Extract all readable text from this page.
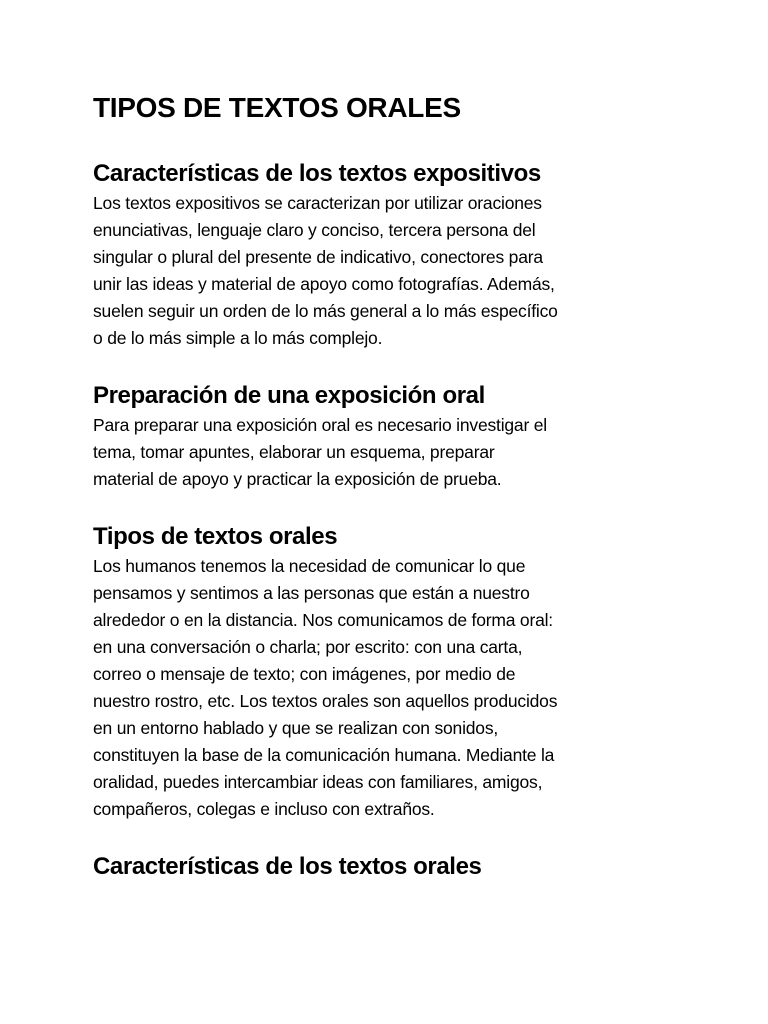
TIPOS DE TEXTOS ORALES
Características de los textos expositivos

Los textos expositivos se caracterizan por utilizar oraciones
enunciativas, lenguaje claro y conciso, tercera persona del
singular o plural del presente de indicativo, conectores para
unir las ideas y material de apoyo como fotografías. Además,
suelen seguir un orden de lo más general a lo más específico
o de lo más simple a lo más complejo.

Preparación de una exposición oral

Para preparar una exposición oral es necesario investigar el
tema, tomar apuntes, elaborar un esquema, preparar
material de apoyo y practicar la exposición de prueba.

Tipos de textos orales

Los humanos tenemos la necesidad de comunicar lo que
pensamos y sentimos a las personas que están a nuestro
alrededor o en la distancia. Nos comunicamos de forma oral:
en una conversación o charla; por escrito: con una carta,
correo o mensaje de texto; con imágenes, por medio de
nuestro rostro, etc. Los textos orales son aquellos producidos
en un entorno hablado y que se realizan con sonidos,
constituyen la base de la comunicación humana. Mediante la
oralidad, puedes intercambiar ideas con familiares, amigos,
compañeros, colegas e incluso con extraños.

Características de los textos orales
